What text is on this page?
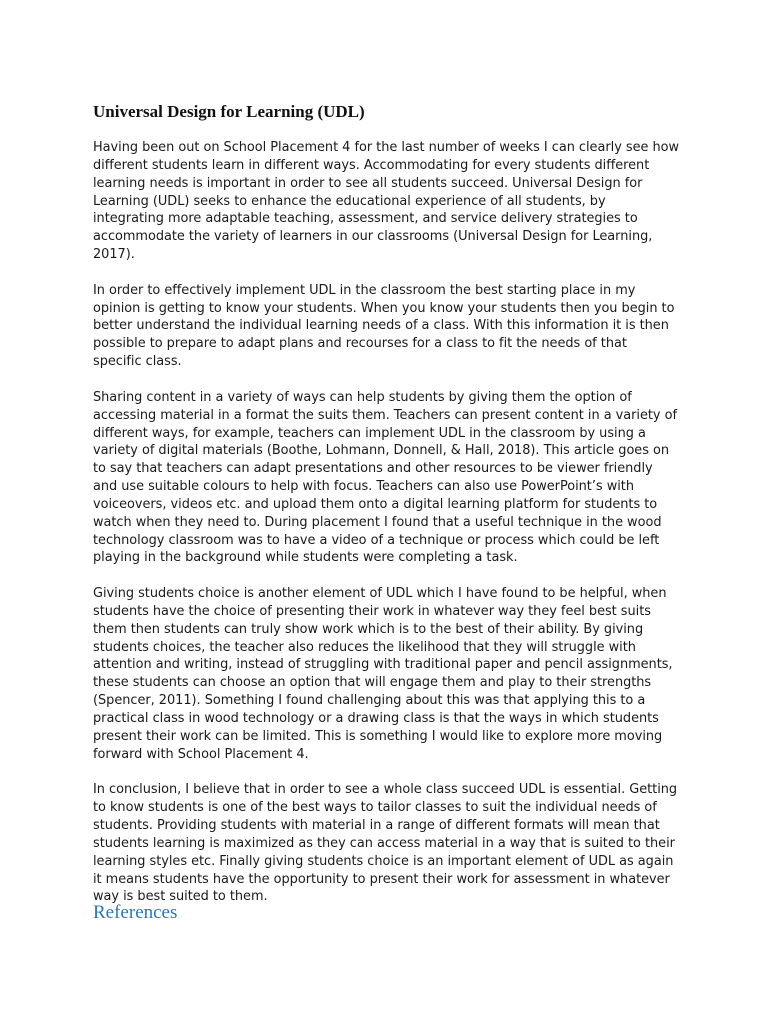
Universal Design for Learning (UDL)

Having been out on School Placement 4 for the last number of weeks I can clearly see how different students learn in different ways. Accommodating for every students different learning needs is important in order to see all students succeed. Universal Design for Learning (UDL) seeks to enhance the educational experience of all students, by integrating more adaptable teaching, assessment, and service delivery strategies to accommodate the variety of learners in our classrooms (Universal Design for Learning, 2017).

In order to effectively implement UDL in the classroom the best starting place in my opinion is getting to know your students. When you know your students then you begin to better understand the individual learning needs of a class. With this information it is then possible to prepare to adapt plans and recourses for a class to fit the needs of that specific class.

Sharing content in a variety of ways can help students by giving them the option of accessing material in a format the suits them. Teachers can present content in a variety of different ways, for example, teachers can implement UDL in the classroom by using a variety of digital materials (Boothe, Lohmann, Donnell, & Hall, 2018). This article goes on to say that teachers can adapt presentations and other resources to be viewer friendly and use suitable colours to help with focus. Teachers can also use PowerPoint’s with voiceovers, videos etc. and upload them onto a digital learning platform for students to watch when they need to. During placement I found that a useful technique in the wood technology classroom was to have a video of a technique or process which could be left playing in the background while students were completing a task.

Giving students choice is another element of UDL which I have found to be helpful, when students have the choice of presenting their work in whatever way they feel best suits them then students can truly show work which is to the best of their ability. By giving students choices, the teacher also reduces the likelihood that they will struggle with attention and writing, instead of struggling with traditional paper and pencil assignments, these students can choose an option that will engage them and play to their strengths (Spencer, 2011). Something I found challenging about this was that applying this to a practical class in wood technology or a drawing class is that the ways in which students present their work can be limited. This is something I would like to explore more moving forward with School Placement 4.

In conclusion, I believe that in order to see a whole class succeed UDL is essential. Getting to know students is one of the best ways to tailor classes to suit the individual needs of students. Providing students with material in a range of different formats will mean that students learning is maximized as they can access material in a way that is suited to their learning styles etc. Finally giving students choice is an important element of UDL as again it means students have the opportunity to present their work for assessment in whatever way is best suited to them.

References
